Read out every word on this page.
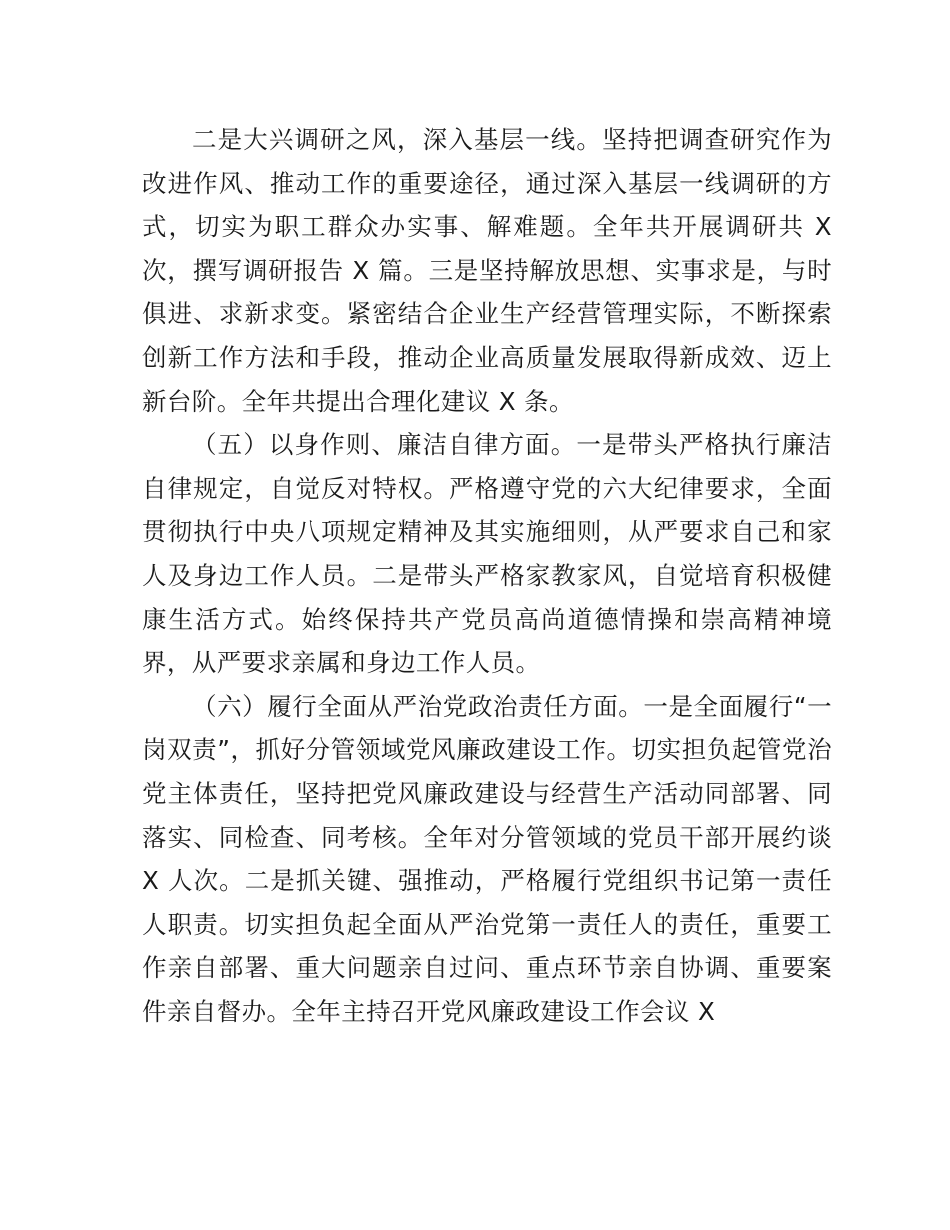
二是大兴调研之风，深入基层一线。坚持把调查研究作为改进作风、推动工作的重要途径，通过深入基层一线调研的方式，切实为职工群众办实事、解难题。全年共开展调研共 X 次，撰写调研报告 X 篇。三是坚持解放思想、实事求是，与时俱进、求新求变。紧密结合企业生产经营管理实际，不断探索创新工作方法和手段，推动企业高质量发展取得新成效、迈上新台阶。全年共提出合理化建议 X 条。

（五）以身作则、廉洁自律方面。一是带头严格执行廉洁自律规定，自觉反对特权。严格遵守党的六大纪律要求，全面贯彻执行中央八项规定精神及其实施细则，从严要求自己和家人及身边工作人员。二是带头严格家教家风，自觉培育积极健康生活方式。始终保持共产党员高尚道德情操和崇高精神境界，从严要求亲属和身边工作人员。

（六）履行全面从严治党政治责任方面。一是全面履行“一岗双责”，抓好分管领域党风廉政建设工作。切实担负起管党治党主体责任，坚持把党风廉政建设与经营生产活动同部署、同落实、同检查、同考核。全年对分管领域的党员干部开展约谈 X 人次。二是抓关键、强推动，严格履行党组织书记第一责任人职责。切实担负起全面从严治党第一责任人的责任，重要工作亲自部署、重大问题亲自过问、重点环节亲自协调、重要案件亲自督办。全年主持召开党风廉政建设工作会议 X
